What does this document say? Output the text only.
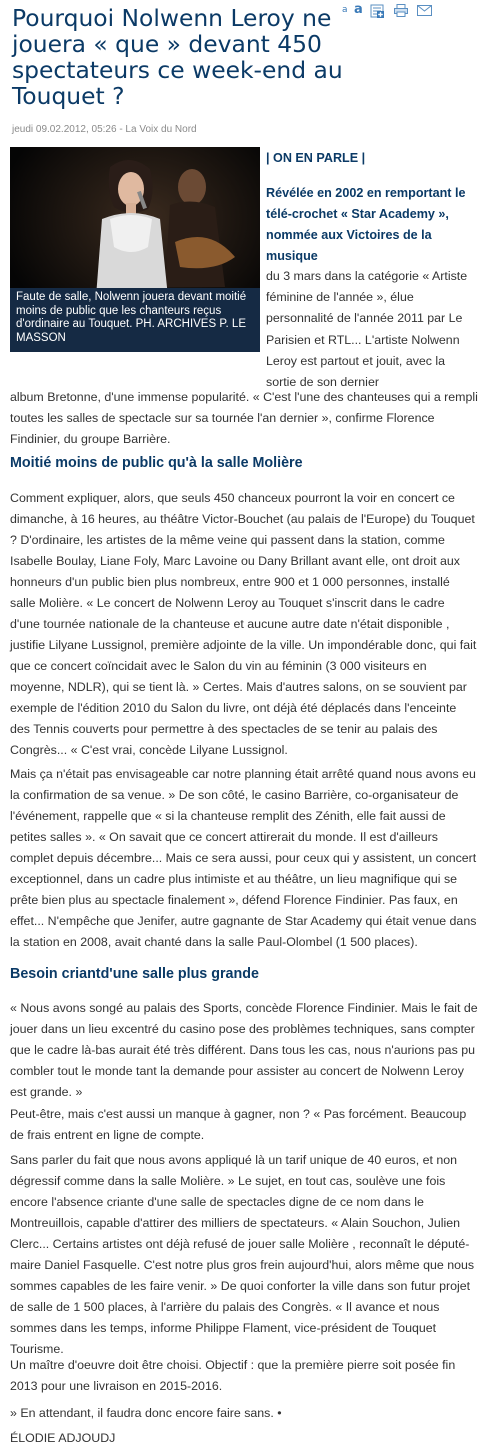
Pourquoi Nolwenn Leroy ne jouera « que » devant 450 spectateurs ce week-end au Touquet ?
a a
jeudi 09.02.2012, 05:26 - La Voix du Nord
Faute de salle, Nolwenn jouera devant moitié moins de public que les chanteurs reçus d'ordinaire au Touquet. PH. ARCHIVES P. LE MASSON
| ON EN PARLE |
Révélée en 2002 en remportant le télé-crochet « Star Academy », nommée aux Victoires de la musique

du 3 mars dans la catégorie « Artiste féminine de l'année », élue personnalité de l'année 2011 par Le Parisien et RTL... L'artiste Nolwenn Leroy est partout et jouit, avec la sortie de son dernier

album Bretonne, d'une immense popularité. « C'est l'une des chanteuses qui a rempli toutes les salles de spectacle sur sa tournée l'an dernier », confirme Florence Findinier, du groupe Barrière.

Moitié moins de public qu'à la salle Molière

Comment expliquer, alors, que seuls 450 chanceux pourront la voir en concert ce dimanche, à 16 heures, au théâtre Victor-Bouchet (au palais de l'Europe) du Touquet ? D'ordinaire, les artistes de la même veine qui passent dans la station, comme Isabelle Boulay, Liane Foly, Marc Lavoine ou Dany Brillant avant elle, ont droit aux honneurs d'un public bien plus nombreux, entre 900 et 1 000 personnes, installé salle Molière. « Le concert de Nolwenn Leroy au Touquet s'inscrit dans le cadre d'une tournée nationale de la chanteuse et aucune autre date n'était disponible , justifie Lilyane Lussignol, première adjointe de la ville. Un impondérable donc, qui fait que ce concert coïncidait avec le Salon du vin au féminin (3 000 visiteurs en moyenne, NDLR), qui se tient là. » Certes. Mais d'autres salons, on se souvient par exemple de l'édition 2010 du Salon du livre, ont déjà été déplacés dans l'enceinte des Tennis couverts pour permettre à des spectacles de se tenir au palais des Congrès... « C'est vrai, concède Lilyane Lussignol.

Mais ça n'était pas envisageable car notre planning était arrêté quand nous avons eu la confirmation de sa venue. » De son côté, le casino Barrière, co-organisateur de l'événement, rappelle que « si la chanteuse remplit des Zénith, elle fait aussi de petites salles ». « On savait que ce concert attirerait du monde. Il est d'ailleurs complet depuis décembre... Mais ce sera aussi, pour ceux qui y assistent, un concert exceptionnel, dans un cadre plus intimiste et au théâtre, un lieu magnifique qui se prête bien plus au spectacle finalement », défend Florence Findinier. Pas faux, en effet... N'empêche que Jenifer, autre gagnante de Star Academy qui était venue dans la station en 2008, avait chanté dans la salle Paul-Olombel (1 500 places).

Besoin criantd'une salle plus grande

« Nous avons songé au palais des Sports, concède Florence Findinier. Mais le fait de jouer dans un lieu excentré du casino pose des problèmes techniques, sans compter que le cadre là-bas aurait été très différent. Dans tous les cas, nous n'aurions pas pu combler tout le monde tant la demande pour assister au concert de Nolwenn Leroy est grande. »

Peut-être, mais c'est aussi un manque à gagner, non ? « Pas forcément. Beaucoup de frais entrent en ligne de compte.

Sans parler du fait que nous avons appliqué là un tarif unique de 40 euros, et non dégressif comme dans la salle Molière. » Le sujet, en tout cas, soulève une fois encore l'absence criante d'une salle de spectacles digne de ce nom dans le Montreuillois, capable d'attirer des milliers de spectateurs. « Alain Souchon, Julien Clerc... Certains artistes ont déjà refusé de jouer salle Molière , reconnaît le député-maire Daniel Fasquelle. C'est notre plus gros frein aujourd'hui, alors même que nous sommes capables de les faire venir. » De quoi conforter la ville dans son futur projet de salle de 1 500 places, à l'arrière du palais des Congrès. « Il avance et nous sommes dans les temps, informe Philippe Flament, vice-président de Touquet Tourisme.

Un maître d'oeuvre doit être choisi. Objectif : que la première pierre soit posée fin 2013 pour une livraison en 2015-2016.

» En attendant, il faudra donc encore faire sans. •

ÉLODIE ADJOUDJ
